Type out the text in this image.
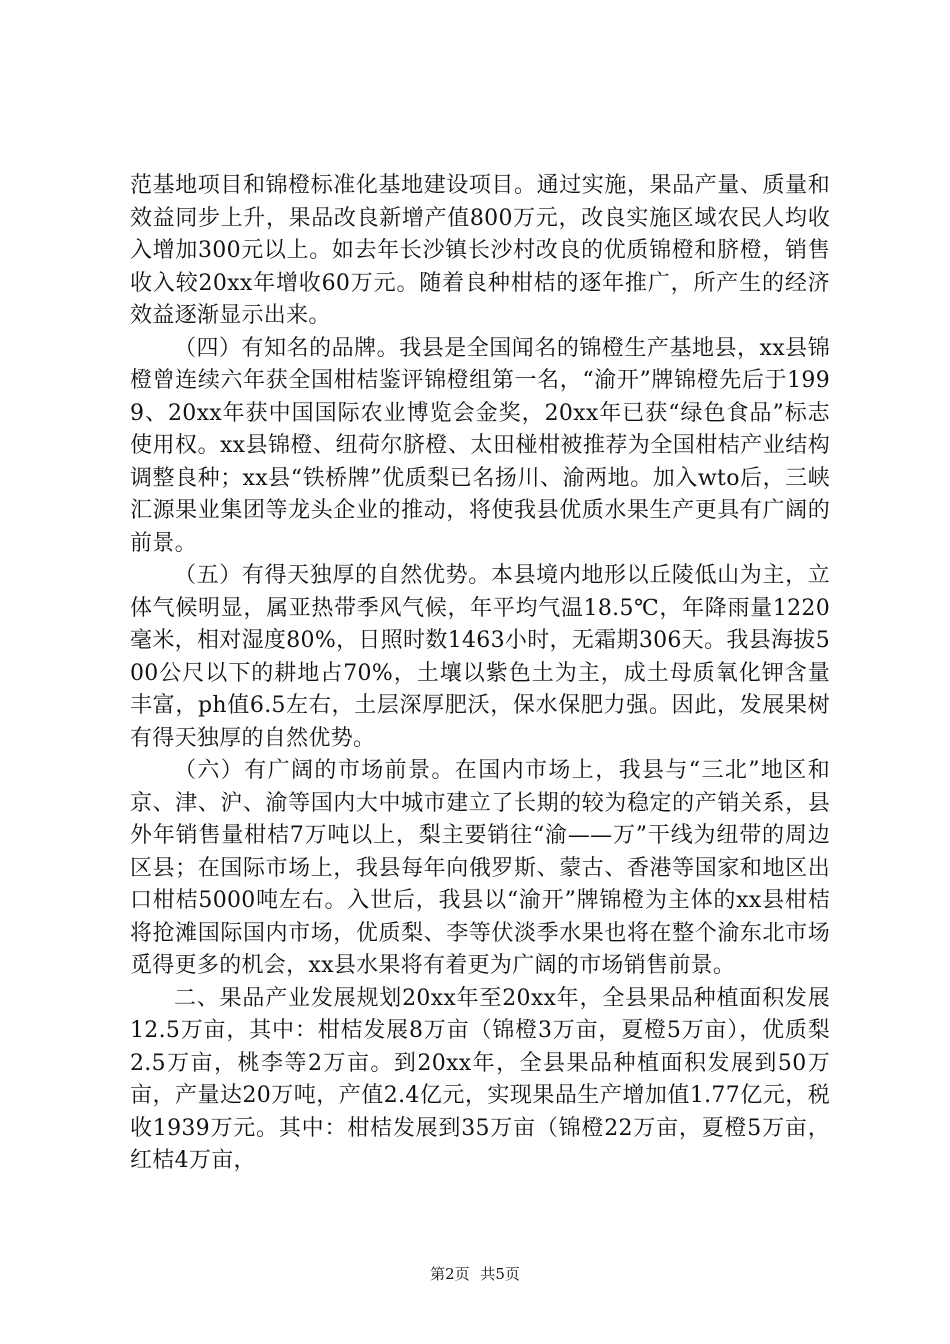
范基地项目和锦橙标准化基地建设项目。通过实施，果品产量、质量和效益同步上升，果品改良新增产值800万元，改良实施区域农民人均收入增加300元以上。如去年长沙镇长沙村改良的优质锦橙和脐橙，销售收入较20xx年增收60万元。随着良种柑桔的逐年推广，所产生的经济效益逐渐显示出来。

（四）有知名的品牌。我县是全国闻名的锦橙生产基地县，xx县锦橙曾连续六年获全国柑桔鉴评锦橙组第一名，“渝开”牌锦橙先后于1999、20xx年获中国国际农业博览会金奖，20xx年已获“绿色食品”标志使用权。xx县锦橙、纽荷尔脐橙、太田椪柑被推荐为全国柑桔产业结构调整良种；xx县“铁桥牌”优质梨已名扬川、渝两地。加入wto后，三峡汇源果业集团等龙头企业的推动，将使我县优质水果生产更具有广阔的前景。

（五）有得天独厚的自然优势。本县境内地形以丘陵低山为主，立体气候明显，属亚热带季风气候，年平均气温18.5℃，年降雨量1220毫米，相对湿度80%，日照时数1463小时，无霜期306天。我县海拔500公尺以下的耕地占70%，土壤以紫色土为主，成土母质氧化钾含量丰富，ph值6.5左右，土层深厚肥沃，保水保肥力强。因此，发展果树有得天独厚的自然优势。

（六）有广阔的市场前景。在国内市场上，我县与“三北”地区和京、津、沪、渝等国内大中城市建立了长期的较为稳定的产销关系，县外年销售量柑桔7万吨以上，梨主要销往“渝——万”干线为纽带的周边区县；在国际市场上，我县每年向俄罗斯、蒙古、香港等国家和地区出口柑桔5000吨左右。入世后，我县以“渝开”牌锦橙为主体的xx县柑桔将抢滩国际国内市场，优质梨、李等伏淡季水果也将在整个渝东北市场觅得更多的机会，xx县水果将有着更为广阔的市场销售前景。

二、果品产业发展规划20xx年至20xx年，全县果品种植面积发展12.5万亩，其中：柑桔发展8万亩（锦橙3万亩，夏橙5万亩），优质梨2.5万亩，桃李等2万亩。到20xx年，全县果品种植面积发展到50万亩，产量达20万吨，产值2.4亿元，实现果品生产增加值1.77亿元，税收1939万元。其中：柑桔发展到35万亩（锦橙22万亩，夏橙5万亩，红桔4万亩，

第2页 共5页
